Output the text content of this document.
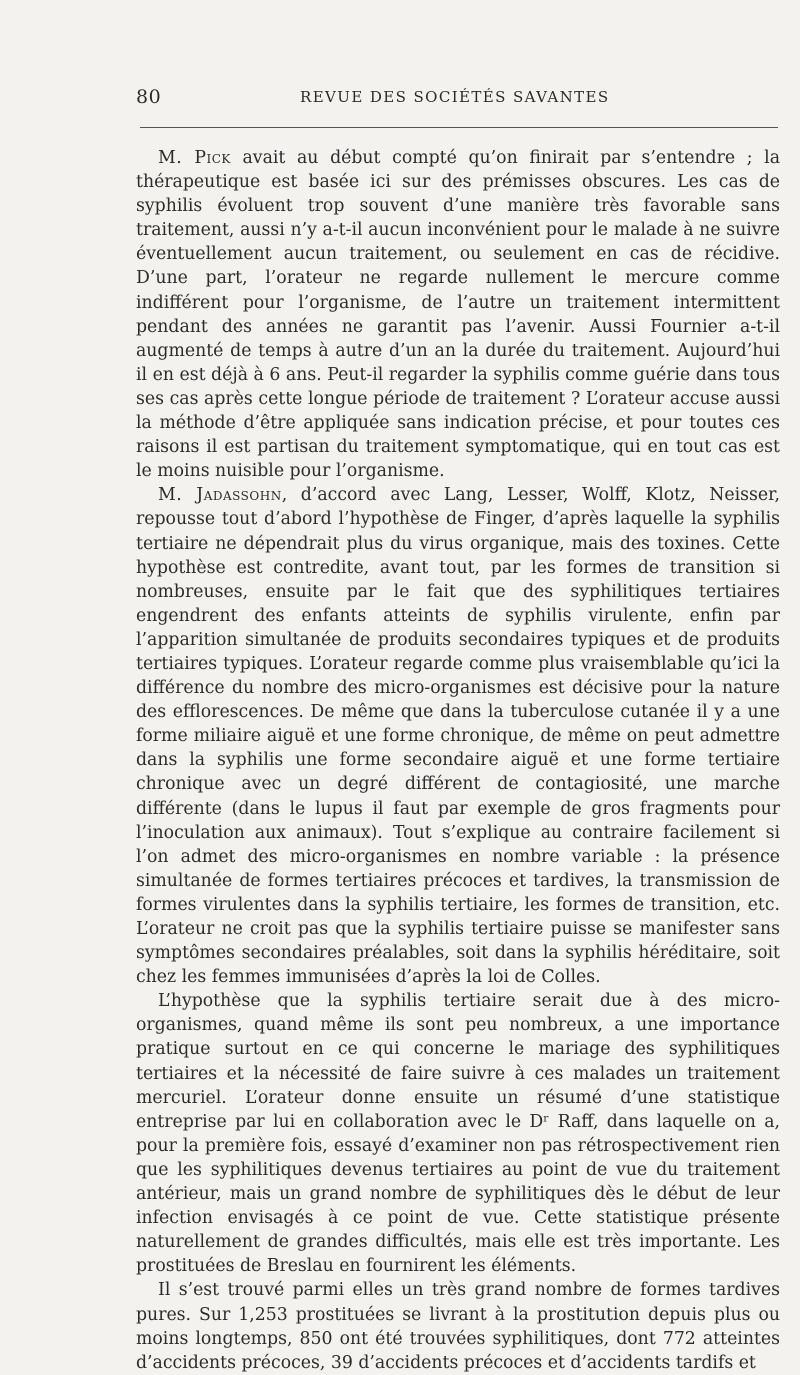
80	REVUE DES SOCIÉTÉS SAVANTES

M. Pick avait au début compté qu’on finirait par s’entendre ; la thérapeutique est basée ici sur des prémisses obscures. Les cas de syphilis évoluent trop souvent d’une manière très favorable sans traitement, aussi n’y a-t-il aucun inconvénient pour le malade à ne suivre éventuellement aucun traitement, ou seulement en cas de récidive. D’une part, l’orateur ne regarde nullement le mercure comme indifférent pour l’organisme, de l’autre un traitement intermittent pendant des années ne garantit pas l’avenir. Aussi Fournier a-t-il augmenté de temps à autre d’un an la durée du traitement. Aujourd’hui il en est déjà à 6 ans. Peut-il regarder la syphilis comme guérie dans tous ses cas après cette longue période de traitement ? L’orateur accuse aussi la méthode d’être appliquée sans indication précise, et pour toutes ces raisons il est partisan du traitement symptomatique, qui en tout cas est le moins nuisible pour l’organisme.

M. Jadassohn, d’accord avec Lang, Lesser, Wolff, Klotz, Neisser, repousse tout d’abord l’hypothèse de Finger, d’après laquelle la syphilis tertiaire ne dépendrait plus du virus organique, mais des toxines. Cette hypothèse est contredite, avant tout, par les formes de transition si nombreuses, ensuite par le fait que des syphilitiques tertiaires engendrent des enfants atteints de syphilis virulente, enfin par l’apparition simultanée de produits secondaires typiques et de produits tertiaires typiques. L’orateur regarde comme plus vraisemblable qu’ici la différence du nombre des micro-organismes est décisive pour la nature des efflorescences. De même que dans la tuberculose cutanée il y a une forme miliaire aiguë et une forme chronique, de même on peut admettre dans la syphilis une forme secondaire aiguë et une forme tertiaire chronique avec un degré différent de contagiosité, une marche différente (dans le lupus il faut par exemple de gros fragments pour l’inoculation aux animaux). Tout s’explique au contraire facilement si l’on admet des micro-organismes en nombre variable : la présence simultanée de formes tertiaires précoces et tardives, la transmission de formes virulentes dans la syphilis tertiaire, les formes de transition, etc. L’orateur ne croit pas que la syphilis tertiaire puisse se manifester sans symptômes secondaires préalables, soit dans la syphilis héréditaire, soit chez les femmes immunisées d’après la loi de Colles.

L’hypothèse que la syphilis tertiaire serait due à des micro-organismes, quand même ils sont peu nombreux, a une importance pratique surtout en ce qui concerne le mariage des syphilitiques tertiaires et la nécessité de faire suivre à ces malades un traitement mercuriel. L’orateur donne ensuite un résumé d’une statistique entreprise par lui en collaboration avec le Dʳ Raff, dans laquelle on a, pour la première fois, essayé d’examiner non pas rétrospectivement rien que les syphilitiques devenus tertiaires au point de vue du traitement antérieur, mais un grand nombre de syphilitiques dès le début de leur infection envisagés à ce point de vue. Cette statistique présente naturellement de grandes difficultés, mais elle est très importante. Les prostituées de Breslau en fournirent les éléments.

Il s’est trouvé parmi elles un très grand nombre de formes tardives pures. Sur 1,253 prostituées se livrant à la prostitution depuis plus ou moins longtemps, 850 ont été trouvées syphilitiques, dont 772 atteintes d’accidents précoces, 39 d’accidents précoces et d’accidents tardifs et
